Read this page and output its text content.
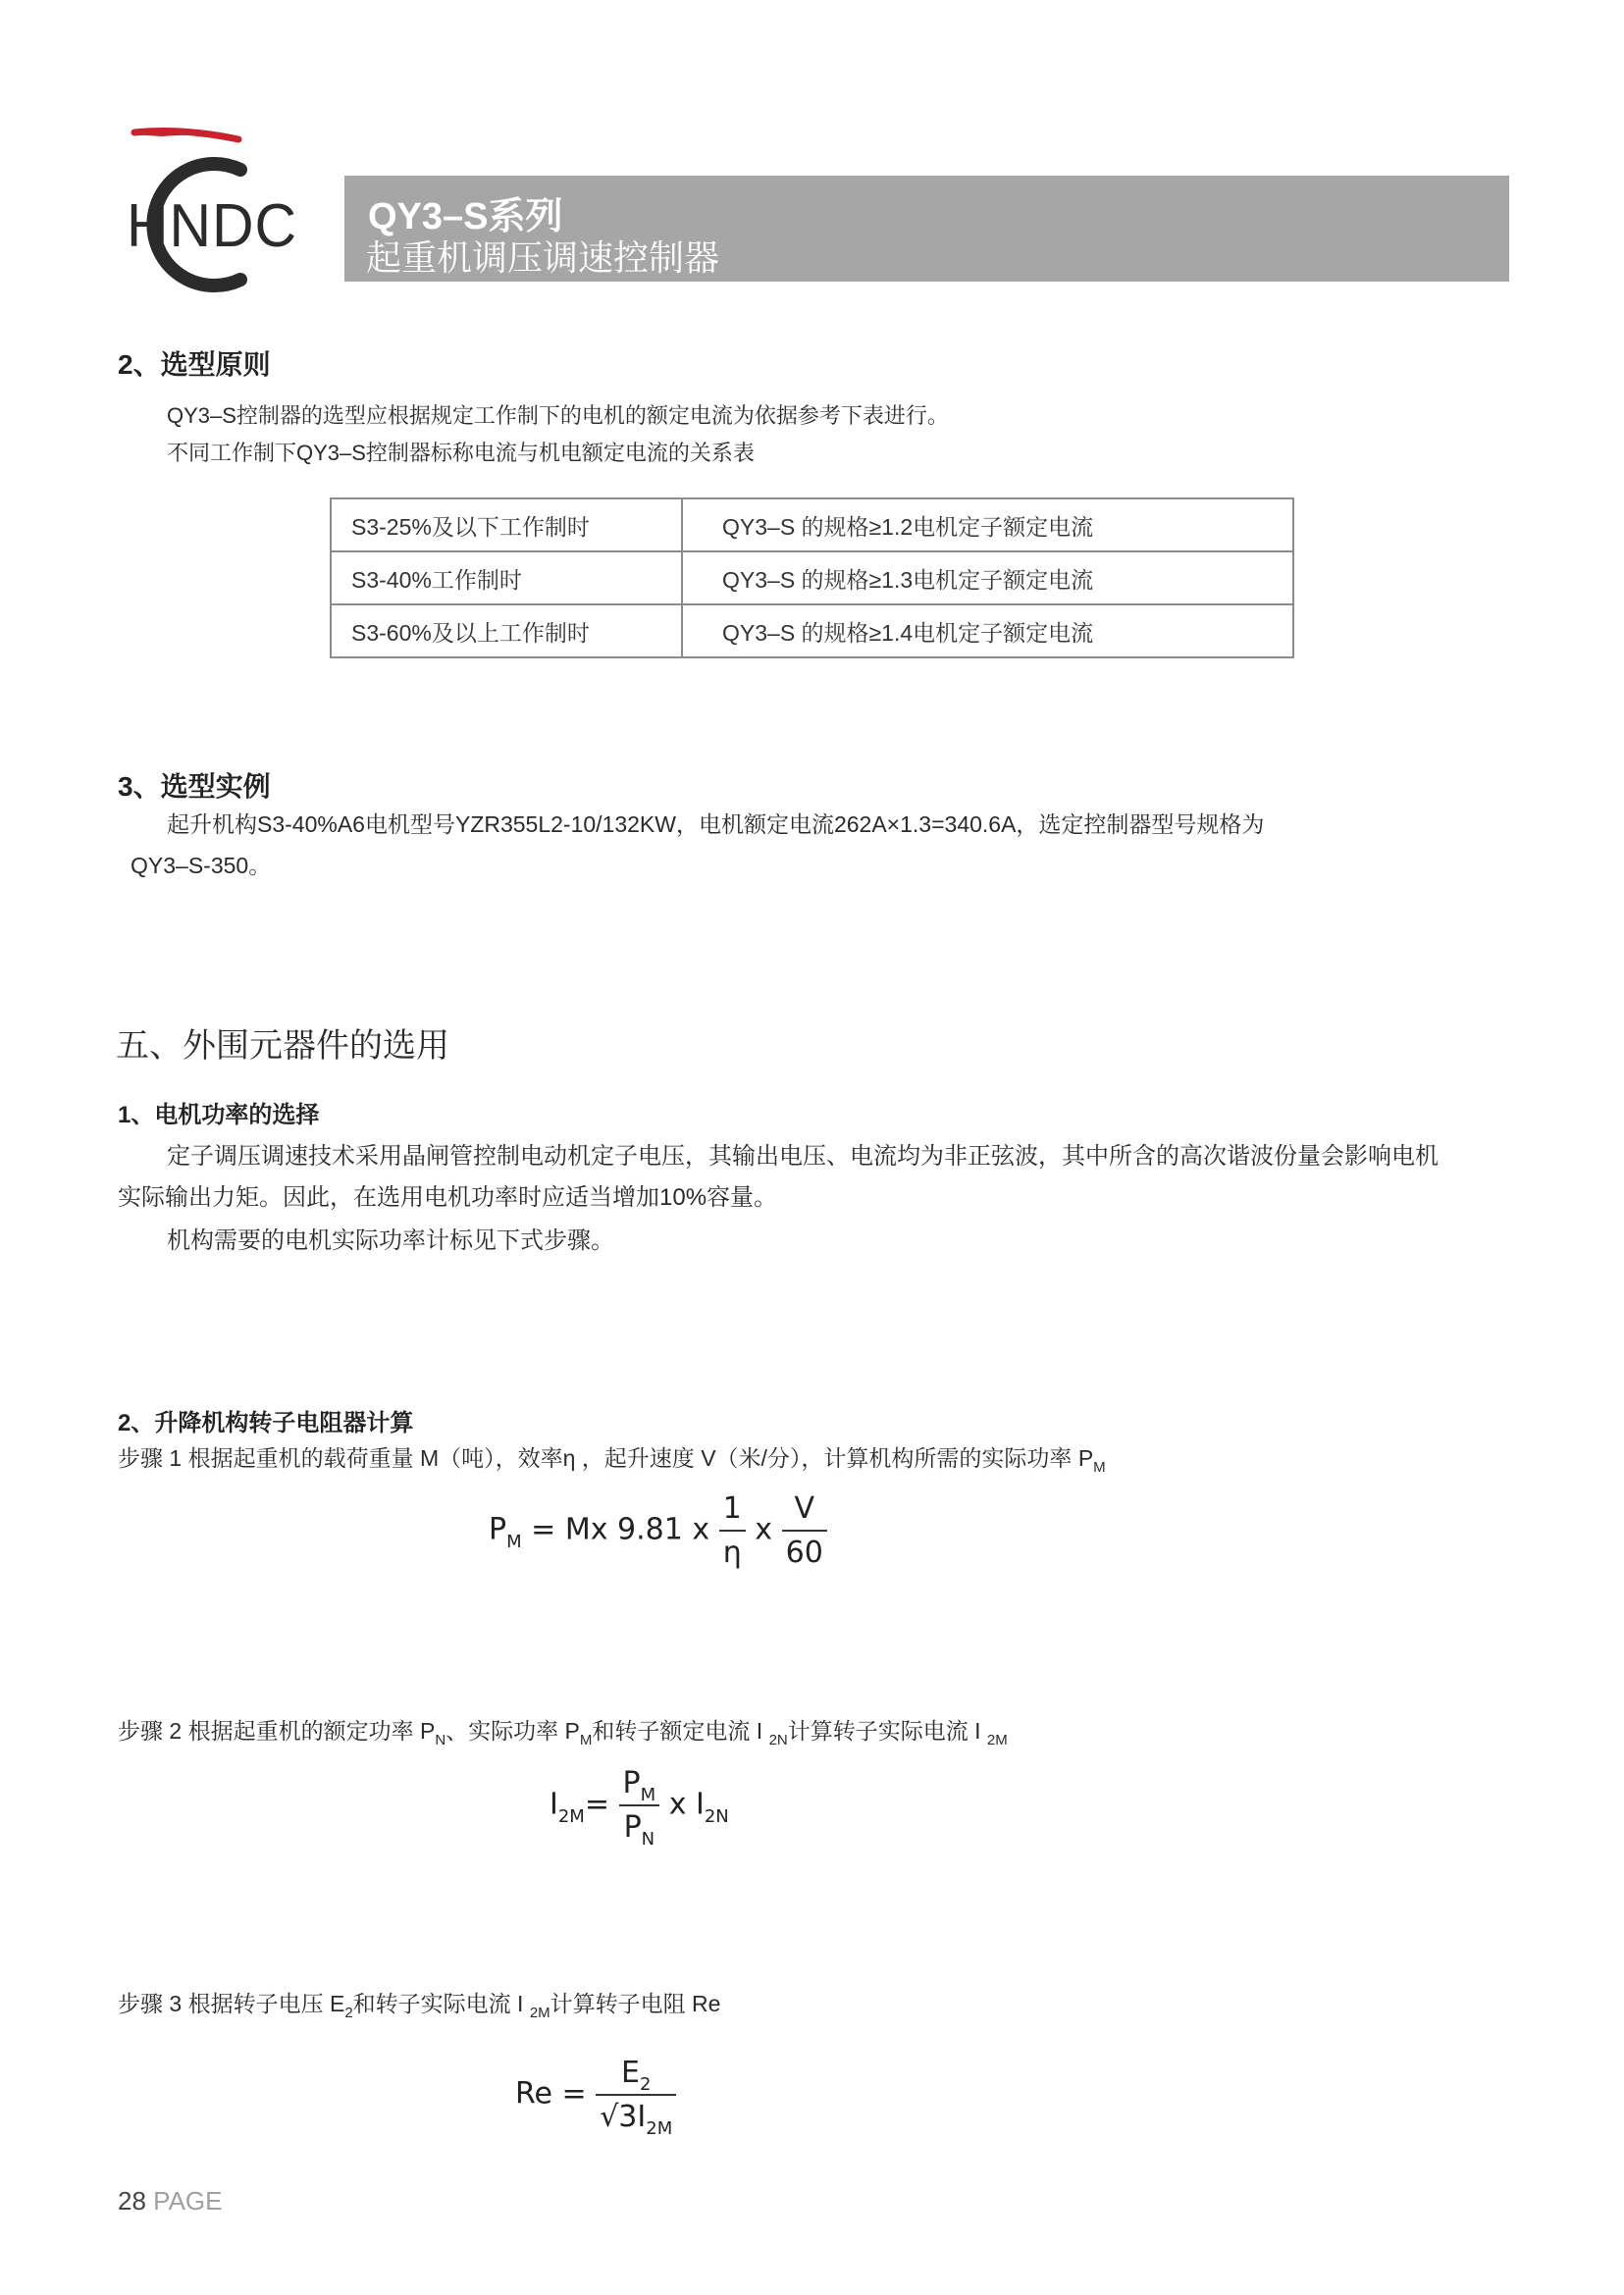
HNDC QY3–S系列
起重机调压调速控制器
2、选型原则
QY3–S控制器的选型应根据规定工作制下的电机的额定电流为依据参考下表进行。
不同工作制下QY3–S控制器标称电流与机电额定电流的关系表
S3-25%及以下工作制时	QY3–S 的规格≥1.2电机定子额定电流
S3-40%工作制时	QY3–S 的规格≥1.3电机定子额定电流
S3-60%及以上工作制时	QY3–S 的规格≥1.4电机定子额定电流
3、选型实例
起升机构S3-40%A6电机型号YZR355L2-10/132KW，电机额定电流262A×1.3=340.6A，选定控制器型号规格为
QY3–S-350。
五、外围元器件的选用
1、电机功率的选择
定子调压调速技术采用晶闸管控制电动机定子电压，其输出电压、电流均为非正弦波，其中所含的高次谐波份量会影响电机
实际输出力矩。因此，在选用电机功率时应适当增加10%容量。
机构需要的电机实际功率计标见下式步骤。
2、升降机构转子电阻器计算
步骤 1 根据起重机的载荷重量 M（吨），效率η ，起升速度 V（米/分），计算机构所需的实际功率 $P_M$
$P_M = Mx$ 9.81 x $\frac{1}{\eta}$ x $\frac{V}{60}$
步骤 2 根据起重机的额定功率 $P_N$、实际功率 $P_M$和转子额定电流 I $_{2N}$计算转子实际电流 I $_{2M}$
$I_{2M}= \frac{P_M}{P_N}$ x $I_{2N}$
步骤 3 根据转子电压 $E_2$和转子实际电流 I $_{2M}$计算转子电阻 Re
$Re = \frac{E_2}{√3I_{2M}}$
28 PAGE
